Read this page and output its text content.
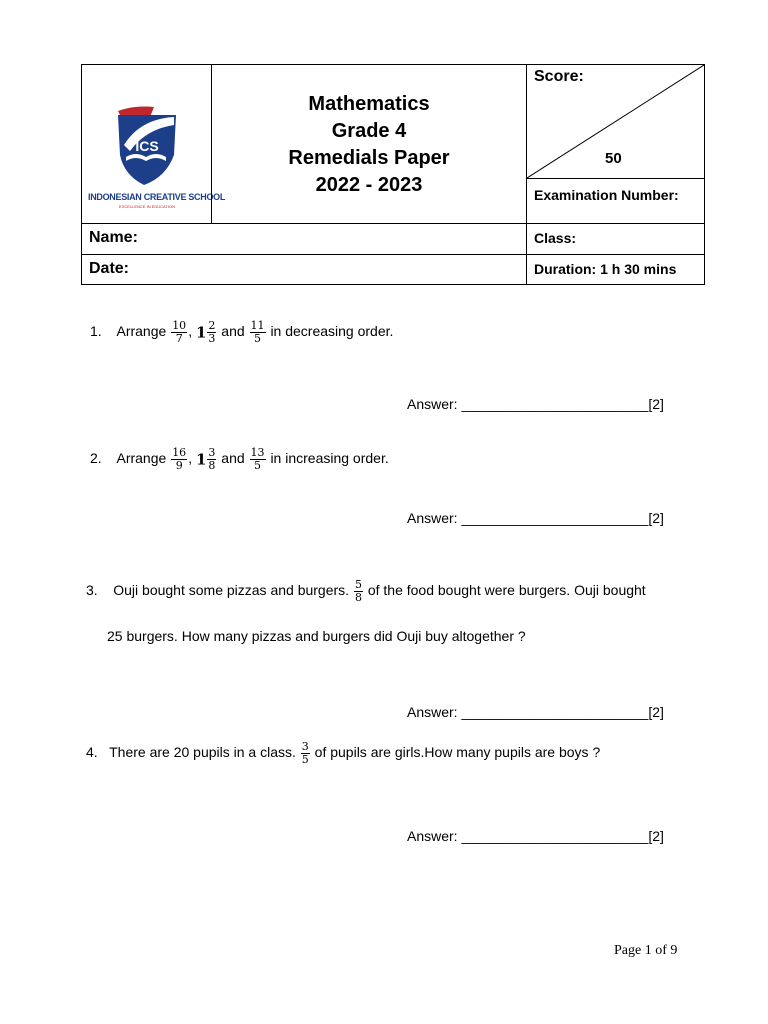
ICS
INDONESIAN CREATIVE SCHOOL
EXCELLENCE IN EDUCATION
Mathematics
Grade 4
Remedials Paper
2022 - 2023
Score:
50
Examination Number:
Name:	Class:
Date:	Duration: 1 h 30 mins
1. Arrange $\frac{10}{7}$ , $1 \frac{2}{3}$ and $\frac{11}{5}$ in decreasing order.
Answer: ________________________[2]
2. Arrange $\frac{16}{9}$ , $1 \frac{3}{8}$ and $\frac{13}{5}$ in increasing order.
Answer: ________________________[2]
3. Ouji bought some pizzas and burgers. $\frac{5}{8}$ of the food bought were burgers. Ouji bought
25 burgers. How many pizzas and burgers did Ouji buy altogether ?
Answer: ________________________[2]
4. There are 20 pupils in a class. $\frac{3}{5}$ of pupils are girls.How many pupils are boys ?
Answer: ________________________[2]
Page 1 of 9
